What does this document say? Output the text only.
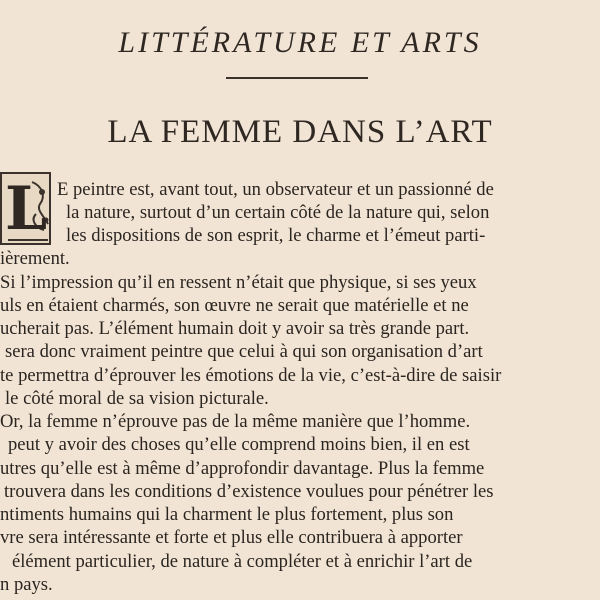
LITTÉRATURE ET ARTS
LA FEMME DANS L’ART
L E peintre est, avant tout, un observateur et un passionné de
la nature, surtout d’un certain côté de la nature qui, selon
les dispositions de son esprit, le charme et l’émeut parti-
ièrement.
Si l’impression qu’il en ressent n’était que physique, si ses yeux
uls en étaient charmés, son œuvre ne serait que matérielle et ne
ucherait pas. L’élément humain doit y avoir sa très grande part.
sera donc vraiment peintre que celui à qui son organisation d’art
te permettra d’éprouver les émotions de la vie, c’est-à-dire de saisir
le côté moral de sa vision picturale.
Or, la femme n’éprouve pas de la même manière que l’homme.
peut y avoir des choses qu’elle comprend moins bien, il en est
utres qu’elle est à même d’approfondir davantage. Plus la femme
trouvera dans les conditions d’existence voulues pour pénétrer les
ntiments humains qui la charment le plus fortement, plus son
vre sera intéressante et forte et plus elle contribuera à apporter
élément particulier, de nature à compléter et à enrichir l’art de
n pays.
